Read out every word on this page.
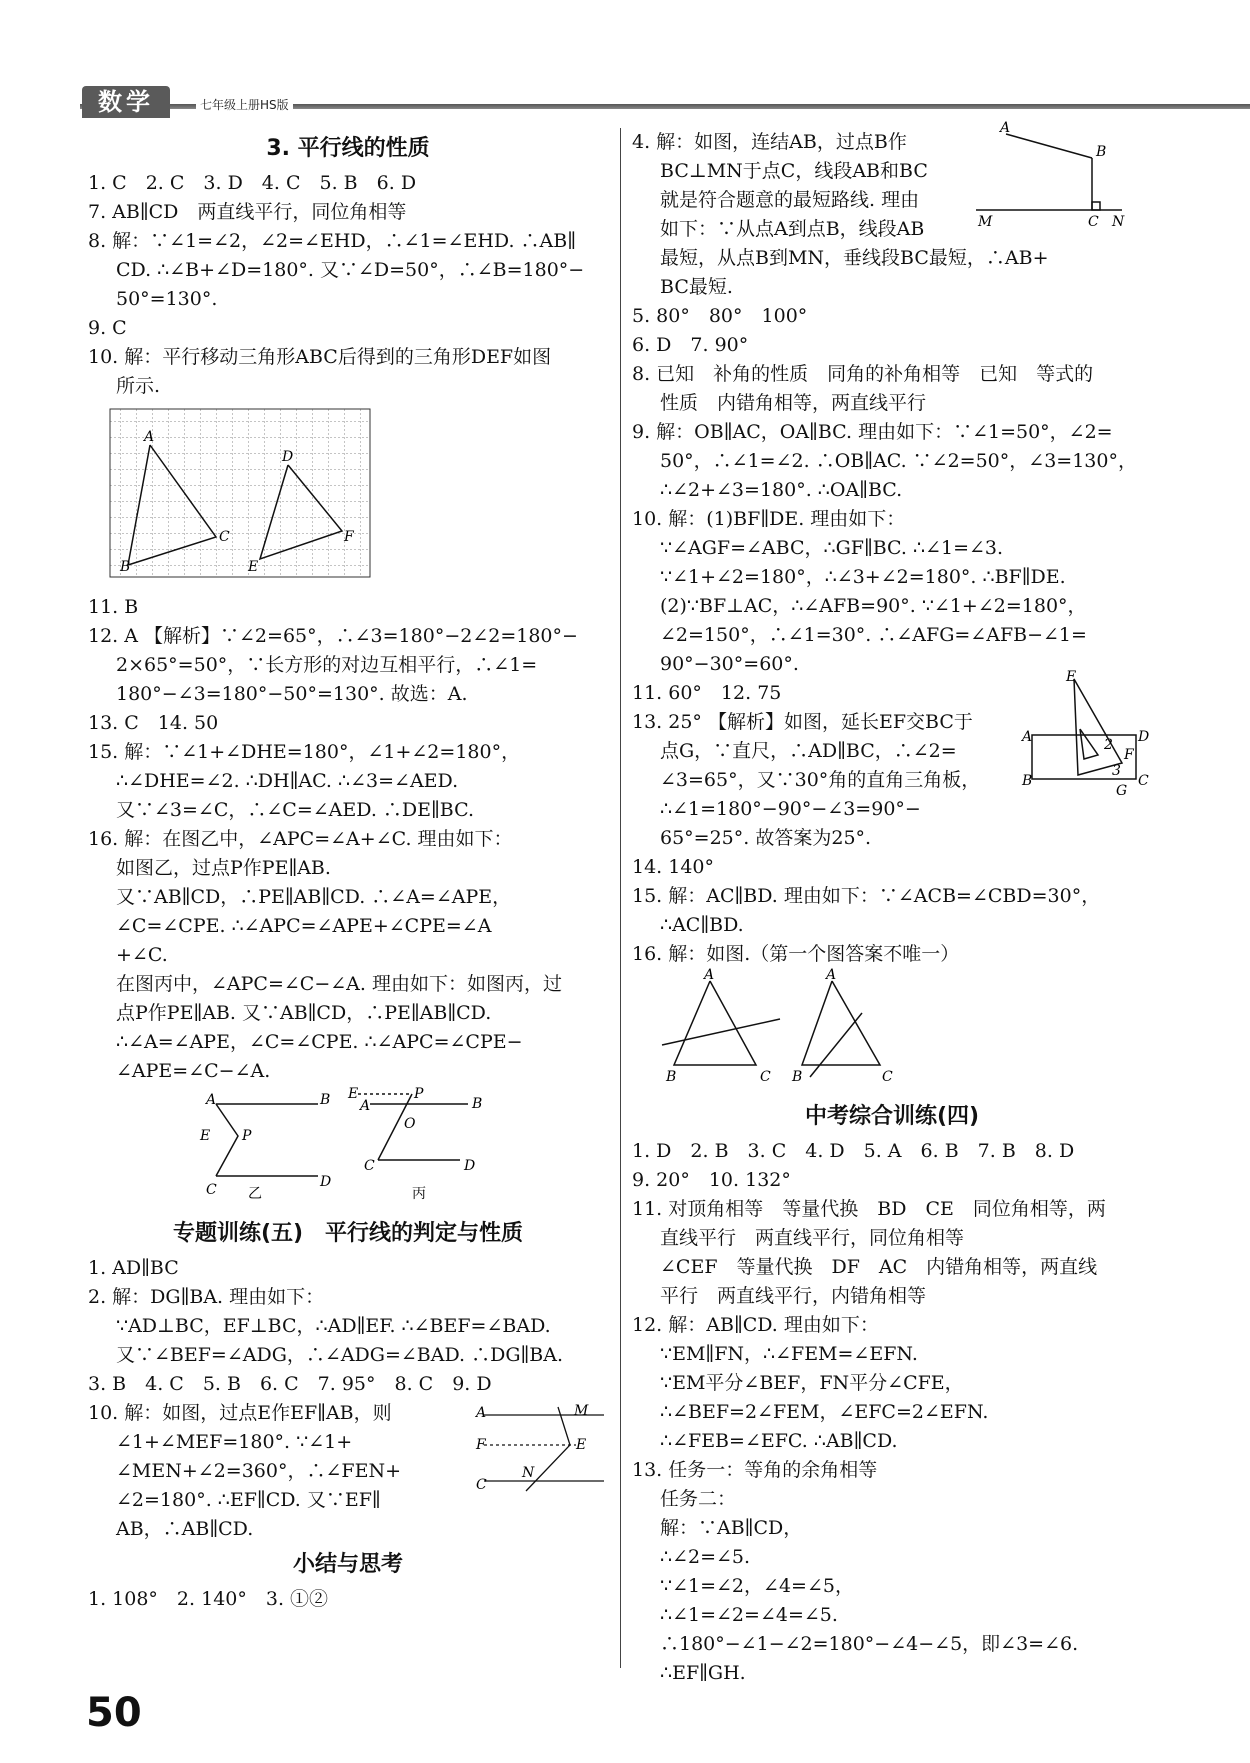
数学	七年级上册HS版
3. 平行线的性质

1. C　2. C　3. D　4. C　5. B　6. D

7. AB∥CD　两直线平行，同位角相等

8. 解：∵∠1=∠2，∠2=∠EHD，∴∠1=∠EHD. ∴AB∥

CD. ∴∠B+∠D=180°. 又∵∠D=50°，∴∠B=180°−

50°=130°.

9. C

10. 解：平行移动三角形ABC后得到的三角形DEF如图

所示.

A
B
C
D
E
F

11. B

12. A 【解析】∵∠2=65°，∴∠3=180°−2∠2=180°−

2×65°=50°，∵长方形的对边互相平行，∴∠1=

180°−∠3=180°−50°=130°. 故选：A.

13. C　14. 50

15. 解：∵∠1+∠DHE=180°，∠1+∠2=180°，

∴∠DHE=∠2. ∴DH∥AC. ∴∠3=∠AED.

又∵∠3=∠C，∴∠C=∠AED. ∴DE∥BC.

16. 解：在图乙中，∠APC=∠A+∠C. 理由如下：

如图乙，过点P作PE∥AB.

又∵AB∥CD，∴PE∥AB∥CD. ∴∠A=∠APE，

∠C=∠CPE. ∴∠APC=∠APE+∠CPE=∠A

+∠C.

在图丙中，∠APC=∠C−∠A. 理由如下：如图丙，过

点P作PE∥AB. 又∵AB∥CD，∴PE∥AB∥CD.

∴∠A=∠APE，∠C=∠CPE. ∴∠APC=∠CPE−

∠APE=∠C−∠A.

A	B
E P
C	D
乙
E
A	B
P
O
C	D
丙
专题训练(五)　平行线的判定与性质

1. AD∥BC

2. 解：DG∥BA. 理由如下：

∵AD⊥BC，EF⊥BC，∴AD∥EF. ∴∠BEF=∠BAD.

又∵∠BEF=∠ADG，∴∠ADG=∠BAD. ∴DG∥BA.

3. B　4. C　5. B　6. C　7. 95°　8. C　9. D

10. 解：如图，过点E作EF∥AB，则

∠1+∠MEF=180°. ∵∠1+

∠MEN+∠2=360°，∴∠FEN+

∠2=180°. ∴EF∥CD. 又∵EF∥

AB，∴AB∥CD.

A
F
C
M
E
N
小结与思考

1. 108°　2. 140°　3. ①②

4. 解：如图，连结AB，过点B作

BC⊥MN于点C，线段AB和BC

就是符合题意的最短路线. 理由

如下：∵从点A到点B，线段AB

最短，从点B到MN，垂线段BC最短，∴AB+

BC最短.

A
B
M	C N

5. 80°　80°　100°

6. D　7. 90°

8. 已知　补角的性质　同角的补角相等　已知　等式的

性质　内错角相等，两直线平行

9. 解：OB∥AC，OA∥BC. 理由如下：∵∠1=50°，∠2=

50°，∴∠1=∠2. ∴OB∥AC. ∵∠2=50°，∠3=130°，

∴∠2+∠3=180°. ∴OA∥BC.

10. 解：(1)BF∥DE. 理由如下：

∵∠AGF=∠ABC，∴GF∥BC. ∴∠1=∠3.

∵∠1+∠2=180°，∴∠3+∠2=180°. ∴BF∥DE.

(2)∵BF⊥AC，∴∠AFB=90°. ∵∠1+∠2=180°，

∠2=150°，∴∠1=30°. ∴∠AFG=∠AFB−∠1=

90°−30°=60°.

11. 60°　12. 75

13. 25° 【解析】如图，延长EF交BC于

点G，∵直尺，∴AD∥BC，∴∠2=

∠3=65°，又∵30°角的直角三角板，

∴∠1=180°−90°−∠3=90°−

65°=25°. 故答案为25°.

E
A	D
B	C
G
F
2
3

14. 140°

15. 解：AC∥BD. 理由如下：∵∠ACB=∠CBD=30°，

∴AC∥BD.

16. 解：如图.（第一个图答案不唯一）

A
B	C
A
B	C
中考综合训练(四)

1. D　2. B　3. C　4. D　5. A　6. B　7. B　8. D

9. 20°　10. 132°

11. 对顶角相等　等量代换　BD　CE　同位角相等，两

直线平行　两直线平行，同位角相等

∠CEF　等量代换　DF　AC　内错角相等，两直线

平行　两直线平行，内错角相等

12. 解：AB∥CD. 理由如下：

∵EM∥FN，∴∠FEM=∠EFN.

∵EM平分∠BEF，FN平分∠CFE，

∴∠BEF=2∠FEM，∠EFC=2∠EFN.

∴∠FEB=∠EFC. ∴AB∥CD.

13. 任务一：等角的余角相等

任务二：

解：∵AB∥CD，

∴∠2=∠5.

∵∠1=∠2，∠4=∠5，

∴∠1=∠2=∠4=∠5.

∴180°−∠1−∠2=180°−∠4−∠5，即∠3=∠6.

∴EF∥GH.

50
